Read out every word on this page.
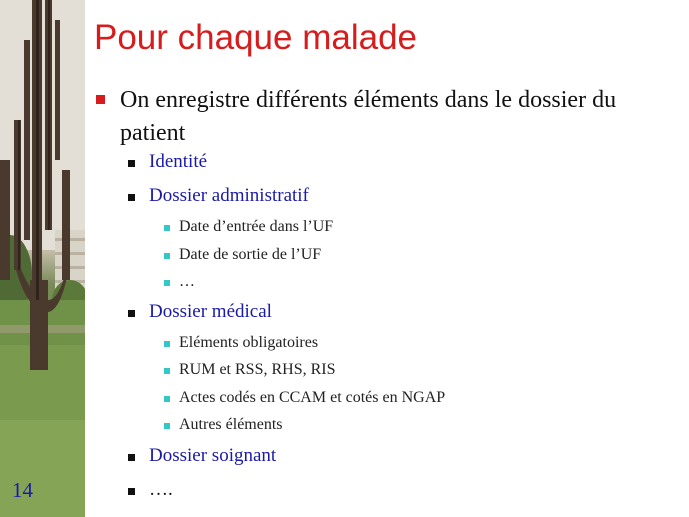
Pour chaque malade

On enregistre différents éléments dans le dossier du patient

Identité

Dossier administratif

Date d’entrée dans l’UF

Date de sortie de l’UF

…

Dossier médical

Eléments obligatoires

RUM et RSS, RHS, RIS

Actes codés en CCAM et cotés en NGAP

Autres éléments

Dossier soignant

….

14
